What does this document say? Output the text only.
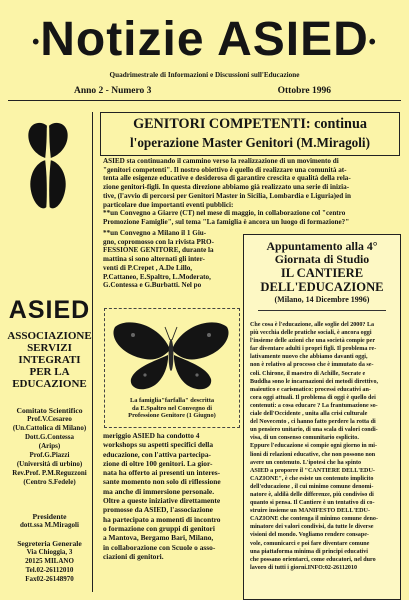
•Notizie ASIED•
Quadrimestrale di Informazioni e Discussioni sull'Educazione
Anno 2 - Numero 3	Ottobre 1996
ASIED
ASSOCIAZIONE
SERVIZI
INTEGRATI
PER LA
EDUCAZIONE
Comitato Scientifico
Prof.V.Cesareo
(Un.Cattolica di Milano)
Dott.G.Contessa
(Arips)
Prof.G.Piazzi
(Università di urbino)
Rev.Prof. P.M.Reguzzoni
(Centro S.Fedele)
Presidente
dott.ssa M.Miragoli
Segreteria Generale
Via Chioggia, 3
20125 MILANO
Tel.02-26112010
Fax02-26148970
GENITORI COMPETENTI: continua
l'operazione Master Genitori (M.Miragoli)
ASIED sta continuando il cammino verso la realizzazione di un movimento di
"genitori competenti". Il nostro obiettivo è quello di realizzare una comunità at-
tenta alle esigenze educative e desiderosa di garantire crescita e qualità della rela-
zione genitori-figli. In questa direzione abbiamo già realizzato una serie di inizia-
tive, (l'avvio di percorsi per Genitori Master in Sicilia, Lombardia e Liguria)ed in
particolare due importanti eventi pubblici:
**un Convegno a Giarre (CT) nel mese di maggio, in collaborazione col "centro
Promozione Famiglie", sul tema "La famiglia è ancora un luogo di formazione?"
**un Convegno a Milano il 1 Giu-
gno, copromosso con la rivista PRO-
FESSIONE GENITORE, durante la
mattina si sono alternati gli inter-
venti di P.Crepet , A.De Lillo,
P.Cattaneo, E.Spaltro, L.Moderato,
G.Contessa e G.Burbatti. Nel po
La famiglia"farfalla" descritta
da E.Spaltro nel Convegno di
Professione Genitore (1 Giugno)
meriggio ASIED ha condotto 4
workshops su aspetti specifici della
educazione, con l'attiva partecipa-
zione di oltre 100 genitori. La gior-
nata ha offerto ai presenti un interes-
sante momento non solo di riflessione
ma anche di immersione personale.
Oltre a queste iniziative direttamente
promosse da ASIED, l'associazione
ha partecipato a momenti di incontro
o formazione con gruppi di genitori
a Mantova, Bergamo Bari, Milano,
in collaborazione con Scuole o asso-
ciazioni di genitori.
Appuntamento alla 4°
Giornata di Studio
IL CANTIERE
DELL'EDUCAZIONE
(Milano, 14 Dicembre 1996)
Che cosa è l'educazione, alle soglie del 2000? La
più vecchia delle pratiche sociali, è ancora oggi
l'insieme delle azioni che una società compie per
far diventare adulti i propri figli. Il problema re-
lativamente nuovo che abbiamo davanti oggi,
non è relativo al processo che è immutato da se-
coli. Chirone, il maestro di Achille, Socrate e
Buddha sono le incarnazioni dei metodi direttivo,
maieutico e carismatico: processi educativi an-
cora oggi attuali. Il problema di oggi è quello dei
contenuti: a cosa educare ? La frantumazione so-
ciale dell'Occidente , unita alla crisi culturale
del Novecento , ci hanno fatto perdere la rotta di
un pensiero unitario, di una scala di valori condi-
visa, di un consenso comunitario esplicito.
Eppure l'educazione si compie ogni giorno in mi-
lioni di relazioni educative, che non possono non
avere un contenuto. L'ipotesi che ha spinto
ASIED a proporre il "CANTIERE DELL'EDU-
CAZIONE", è che esiste un contenuto implicito
dell'educazione , il cui minimo comune denomi-
natore è, aldilà delle differenze, più condiviso di
quanto si pensa. Il Cantiere è un tentativo di co-
struire insieme un MANIFESTO DELL'EDU-
CAZIONE che contenga il minimo comune deno-
minatore dei valori condivisi, da tutte le diverse
visioni del mondo. Vogliamo rendere consape-
vole, comunicarci e poi fare diventare comune
una piattaforma minima di principi educativi
che possano orientarci, come educatori, nel duro
lavoro di tutti i giorni.INFO:02-26112010
